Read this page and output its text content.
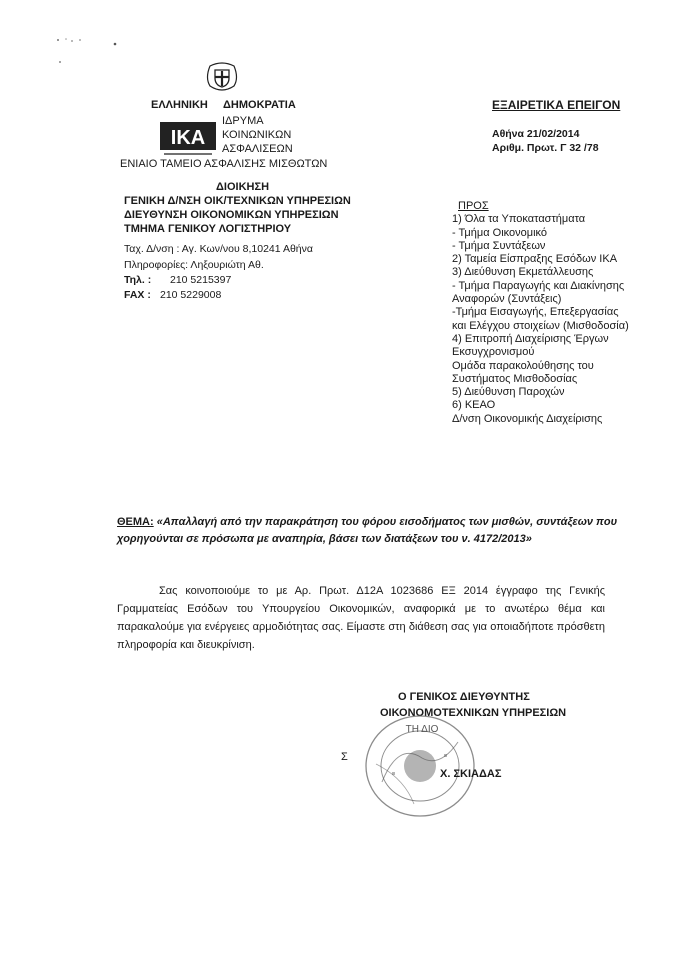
ΕΛΛΗΝΙΚΗ ΔΗΜΟΚΡΑΤΙΑ
ΙΚΑ
ΙΔΡΥΜΑ
ΚΟΙΝΩΝΙΚΩΝ
ΑΣΦΑΛΙΣΕΩΝ
ΕΝΙΑΙΟ ΤΑΜΕΙΟ ΑΣΦΑΛΙΣΗΣ ΜΙΣΘΩΤΩΝ
ΕΞΑΙΡΕΤΙΚΑ ΕΠΕΙΓΟΝ
Αθήνα 21/02/2014
Αριθμ. Πρωτ. Γ 32 /78
ΔΙΟΙΚΗΣΗ
ΓΕΝΙΚΗ Δ/ΝΣΗ ΟΙΚ/ΤΕΧΝΙΚΩΝ ΥΠΗΡΕΣΙΩΝ
ΔΙΕΥΘΥΝΣΗ ΟΙΚΟΝΟΜΙΚΩΝ ΥΠΗΡΕΣΙΩΝ
ΤΜΗΜΑ ΓΕΝΙΚΟΥ ΛΟΓΙΣΤΗΡΙΟΥ
Ταχ. Δ/νση : Αγ. Κων/νου 8,10241 Αθήνα
Πληροφορίες: Ληξουριώτη Αθ.
Τηλ. : 210 5215397
FAX : 210 5229008
ΠΡΟΣ
1) Όλα τα Υποκαταστήματα
- Τμήμα Οικονομικό
- Τμήμα Συντάξεων
2) Ταμεία Είσπραξης Εσόδων ΙΚΑ
3) Διεύθυνση Εκμετάλλευσης
- Τμήμα Παραγωγής και Διακίνησης
Αναφορών (Συντάξεις)
-Τμήμα Εισαγωγής, Επεξεργασίας
και Ελέγχου στοιχείων (Μισθοδοσία)
4) Επιτροπή Διαχείρισης Έργων
Εκσυγχρονισμού
Ομάδα παρακολούθησης του
Συστήματος Μισθοδοσίας
5) Διεύθυνση Παροχών
6) ΚΕΑΟ
Δ/νση Οικονομικής Διαχείρισης
ΘΕΜΑ: «Απαλλαγή από την παρακράτηση του φόρου εισοδήματος των μισθών, συντάξεων που χορηγούνται σε πρόσωπα με αναπηρία, βάσει των διατάξεων του ν. 4172/2013»
Σας κοινοποιούμε το με Αρ. Πρωτ. Δ12Α 1023686 ΕΞ 2014 έγγραφο της Γενικής Γραμματείας Εσόδων του Υπουργείου Οικονομικών, αναφορικά με το ανωτέρω θέμα και παρακαλούμε για ενέργειες αρμοδιότητας σας. Είμαστε στη διάθεση σας για οποιαδήποτε πρόσθετη πληροφορία και διευκρίνιση.
Ο ΓΕΝΙΚΟΣ ΔΙΕΥΘΥΝΤΗΣ
ΟΙΚΟΝΟΜΟΤΕΧΝΙΚΩΝ ΥΠΗΡΕΣΙΩΝ
Σ
ΤΗ ΔΙΟ
Χ. ΣΚΙΑΔΑΣ
